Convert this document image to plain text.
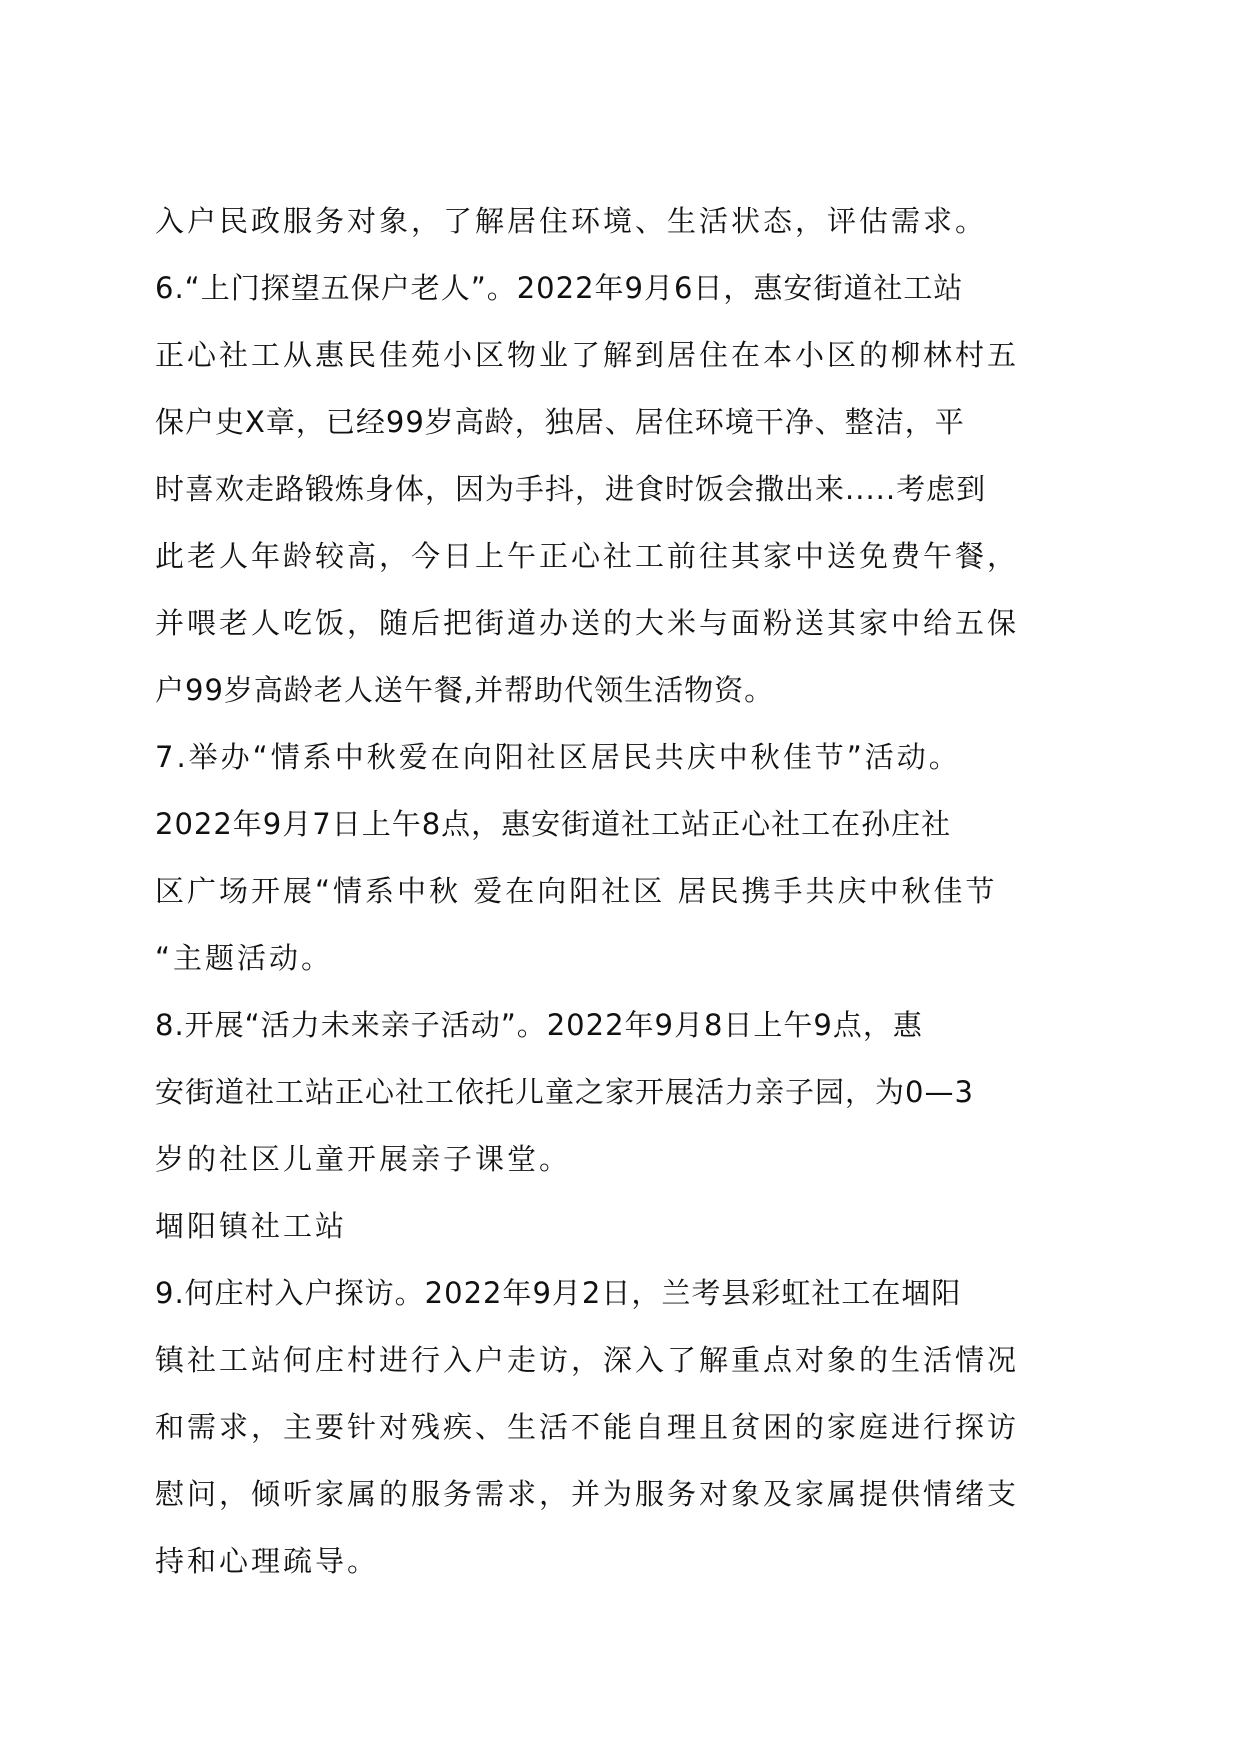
入户民政服务对象，了解居住环境、生活状态，评估需求。
6.“上门探望五保户老人”。2022年9月6日，惠安街道社工站
正心社工从惠民佳苑小区物业了解到居住在本小区的柳林村五
保户史X章，已经99岁高龄，独居、居住环境干净、整洁，平
时喜欢走路锻炼身体，因为手抖，进食时饭会撒出来.....考虑到
此老人年龄较高，今日上午正心社工前往其家中送免费午餐，
并喂老人吃饭，随后把街道办送的大米与面粉送其家中给五保
户99岁高龄老人送午餐,并帮助代领生活物资。
7.举办“情系中秋爱在向阳社区居民共庆中秋佳节”活动。
2022年9月7日上午8点，惠安街道社工站正心社工在孙庄社
区广场开展“情系中秋 爱在向阳社区 居民携手共庆中秋佳节
“主题活动。
8.开展“活力未来亲子活动”。2022年9月8日上午9点，惠
安街道社工站正心社工依托儿童之家开展活力亲子园，为0—3
岁的社区儿童开展亲子课堂。
堌阳镇社工站
9.何庄村入户探访。2022年9月2日，兰考县彩虹社工在堌阳
镇社工站何庄村进行入户走访，深入了解重点对象的生活情况
和需求，主要针对残疾、生活不能自理且贫困的家庭进行探访
慰问，倾听家属的服务需求，并为服务对象及家属提供情绪支
持和心理疏导。
